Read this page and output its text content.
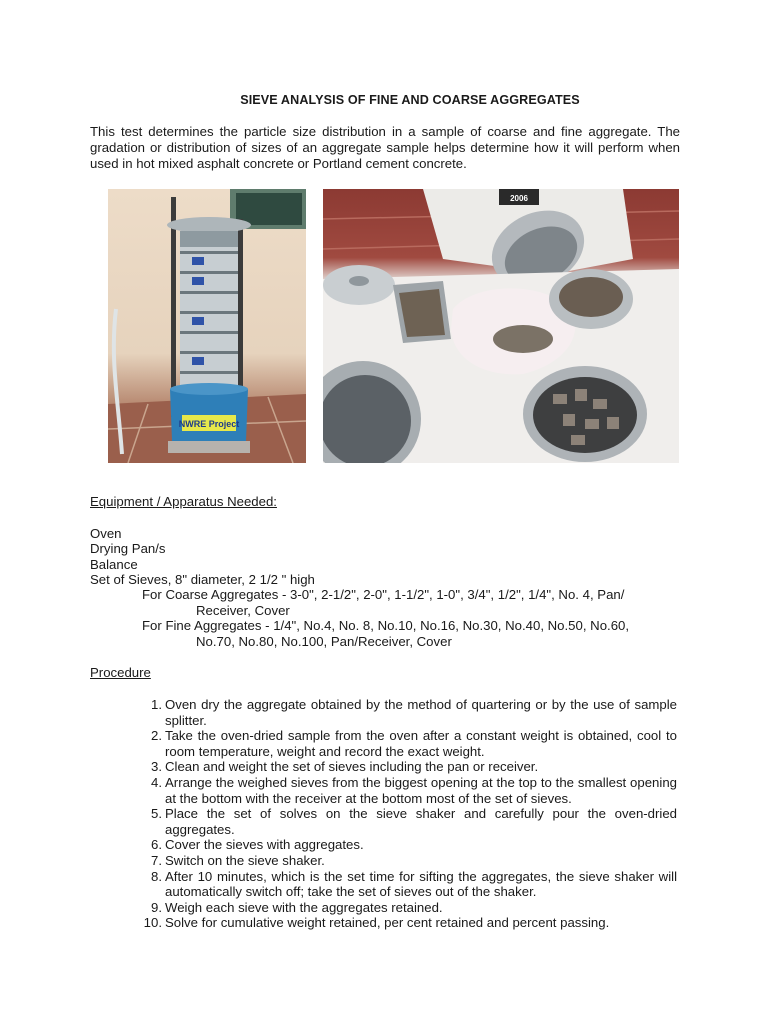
SIEVE ANALYSIS OF FINE AND COARSE AGGREGATES
This test determines the particle size distribution in a sample of coarse and fine aggregate. The gradation or distribution of sizes of an aggregate sample helps determine how it will perform when used in hot mixed asphalt concrete or Portland cement concrete.
NWRE Project
2006
Equipment / Apparatus Needed:
Oven
Drying Pan/s
Balance
Set of Sieves, 8" diameter, 2 1/2 " high
For Coarse Aggregates - 3-0", 2-1/2", 2-0", 1-1/2", 1-0", 3/4", 1/2", 1/4", No. 4, Pan/
Receiver, Cover
For Fine Aggregates - 1/4", No.4, No. 8, No.10, No.16, No.30, No.40, No.50, No.60,
No.70, No.80, No.100, Pan/Receiver, Cover
Procedure
1. Oven dry the aggregate obtained by the method of quartering or by the use of sample splitter.
2. Take the oven-dried sample from the oven after a constant weight is obtained, cool to room temperature, weight and record the exact weight.
3. Clean and weight the set of sieves including the pan or receiver.
4. Arrange the weighed sieves from the biggest opening at the top to the smallest opening at the bottom with the receiver at the bottom most of the set of sieves.
5. Place the set of solves on the sieve shaker and carefully pour the oven-dried aggregates.
6. Cover the sieves with aggregates.
7. Switch on the sieve shaker.
8. After 10 minutes, which is the set time for sifting the aggregates, the sieve shaker will automatically switch off; take the set of sieves out of the shaker.
9. Weigh each sieve with the aggregates retained.
10. Solve for cumulative weight retained, per cent retained and percent passing.
